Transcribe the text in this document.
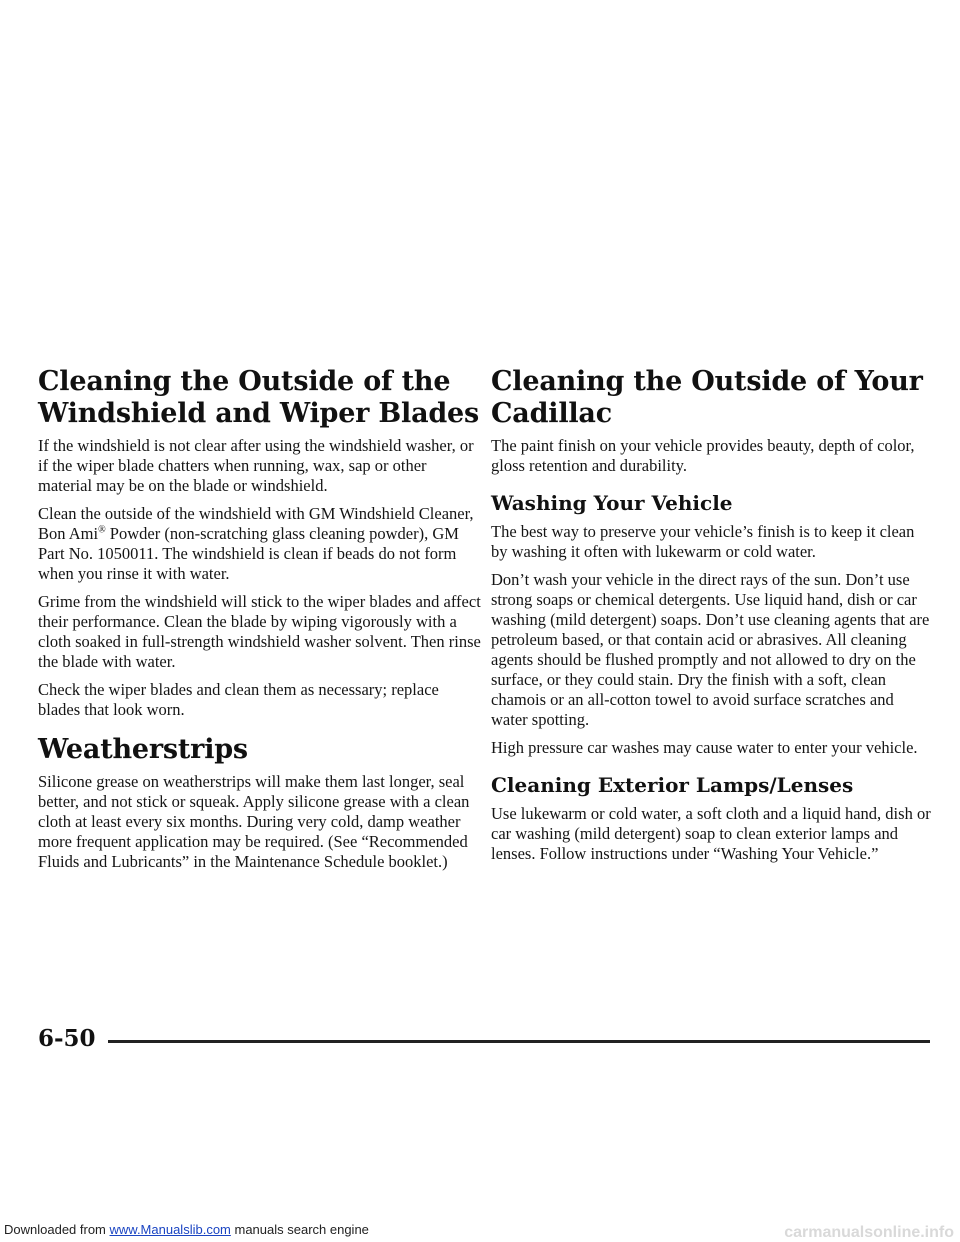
Cleaning the Outside of the
Windshield and Wiper Blades

If the windshield is not clear after using the windshield washer, or if the wiper blade chatters when running, wax, sap or other material may be on the blade or windshield.

Clean the outside of the windshield with GM Windshield Cleaner, Bon Ami® Powder (non-scratching glass cleaning powder), GM Part No. 1050011. The windshield is clean if beads do not form when you rinse it with water.

Grime from the windshield will stick to the wiper blades and affect their performance. Clean the blade by wiping vigorously with a cloth soaked in full-strength windshield washer solvent. Then rinse the blade with water.

Check the wiper blades and clean them as necessary; replace blades that look worn.

Weatherstrips

Silicone grease on weatherstrips will make them last longer, seal better, and not stick or squeak. Apply silicone grease with a clean cloth at least every six months. During very cold, damp weather more frequent application may be required. (See “Recommended Fluids and Lubricants” in the Maintenance Schedule booklet.)

Cleaning the Outside of Your Cadillac

The paint finish on your vehicle provides beauty, depth of color, gloss retention and durability.

Washing Your Vehicle

The best way to preserve your vehicle’s finish is to keep it clean by washing it often with lukewarm or cold water.

Don’t wash your vehicle in the direct rays of the sun. Don’t use strong soaps or chemical detergents. Use liquid hand, dish or car washing (mild detergent) soaps. Don’t use cleaning agents that are petroleum based, or that contain acid or abrasives. All cleaning agents should be flushed promptly and not allowed to dry on the surface, or they could stain. Dry the finish with a soft, clean chamois or an all-cotton towel to avoid surface scratches and water spotting.

High pressure car washes may cause water to enter your vehicle.

Cleaning Exterior Lamps/Lenses

Use lukewarm or cold water, a soft cloth and a liquid hand, dish or car washing (mild detergent) soap to clean exterior lamps and lenses. Follow instructions under “Washing Your Vehicle.”

6-50
Downloaded from www.Manualslib.com manuals search engine	carmanualsonline.info
